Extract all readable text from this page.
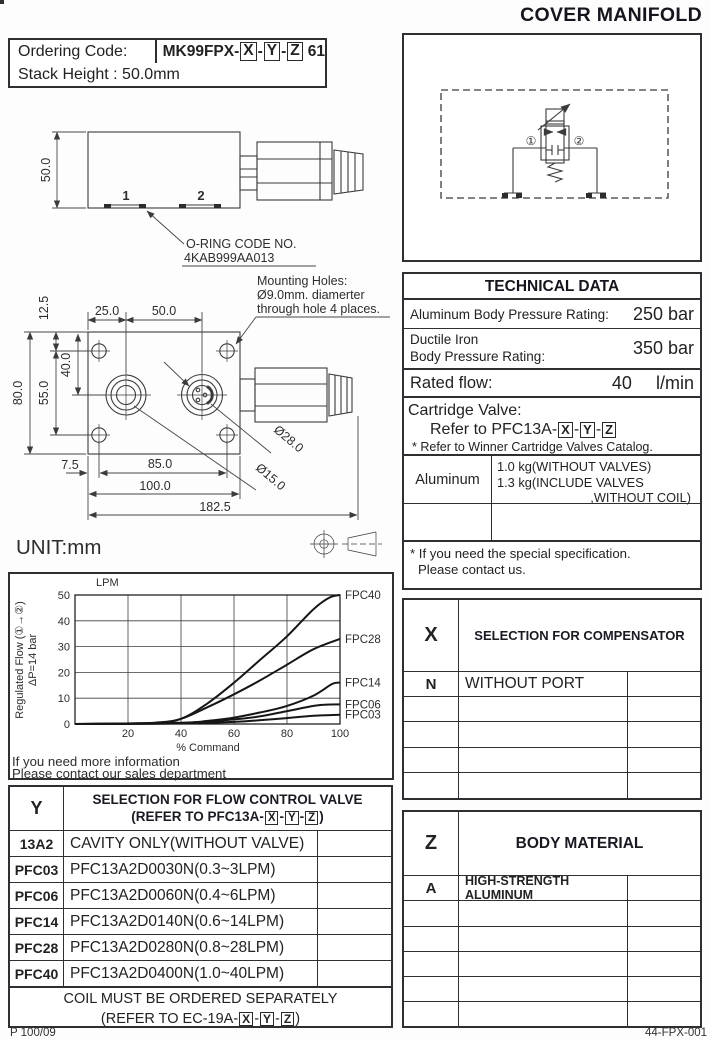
COVER MANIFOLD
Ordering Code:	MK99FPX- X - Y - Z 61
Stack Height : 50.0mm
50.0
1	2
O-RING CODE NO.
4KAB999AA013
12.5	25.0	50.0
80.0 55.0
40.0
7.5	85.0
100.0
182.5
Ø28.0
Ø15.0
Mounting Holes:
Ø9.0mm. diamerter
through hole 4 places.
UNIT:mm
LPM
Regulated Flow (①→②) ΔP=14 bar
% Command
20	40	60	80	100
0
10
20
30
40
50	FPC40
FPC28
FPC14
FPC06
FPC03
If you need more information
Please contact our sales department
①	②
TECHNICAL DATA
Aluminum Body Pressure Rating: 250 bar
Ductile Iron
Body Pressure Rating:	350 bar
Rated flow:	40 l/min
Cartridge Valve:
Refer to PFC13A- X - Y - Z
* Refer to Winner Cartridge Valves Catalog.
Aluminum
1.0 kg(WITHOUT VALVES)
1.3 kg(INCLUDE VALVES
,WITHOUT COIL)
* If you need the special specification.
Please contact us.
X	SELECTION FOR COMPENSATOR
N	WITHOUT PORT
Z	BODY MATERIAL
A	HIGH-STRENGTH ALUMINUM
Y	SELECTION FOR FLOW CONTROL VALVE
(REFER TO PFC13A- X - Y - Z )
13A2	CAVITY ONLY(WITHOUT VALVE)
PFC03 PFC13A2D0030N(0.3~3LPM)
PFC06 PFC13A2D0060N(0.4~6LPM)
PFC14 PFC13A2D0140N(0.6~14LPM)
PFC28 PFC13A2D0280N(0.8~28LPM)
PFC40 PFC13A2D0400N(1.0~40LPM)
COIL MUST BE ORDERED SEPARATELY
(REFER TO EC-19A- X - Y - Z )
P 100/09	44-FPX-001
